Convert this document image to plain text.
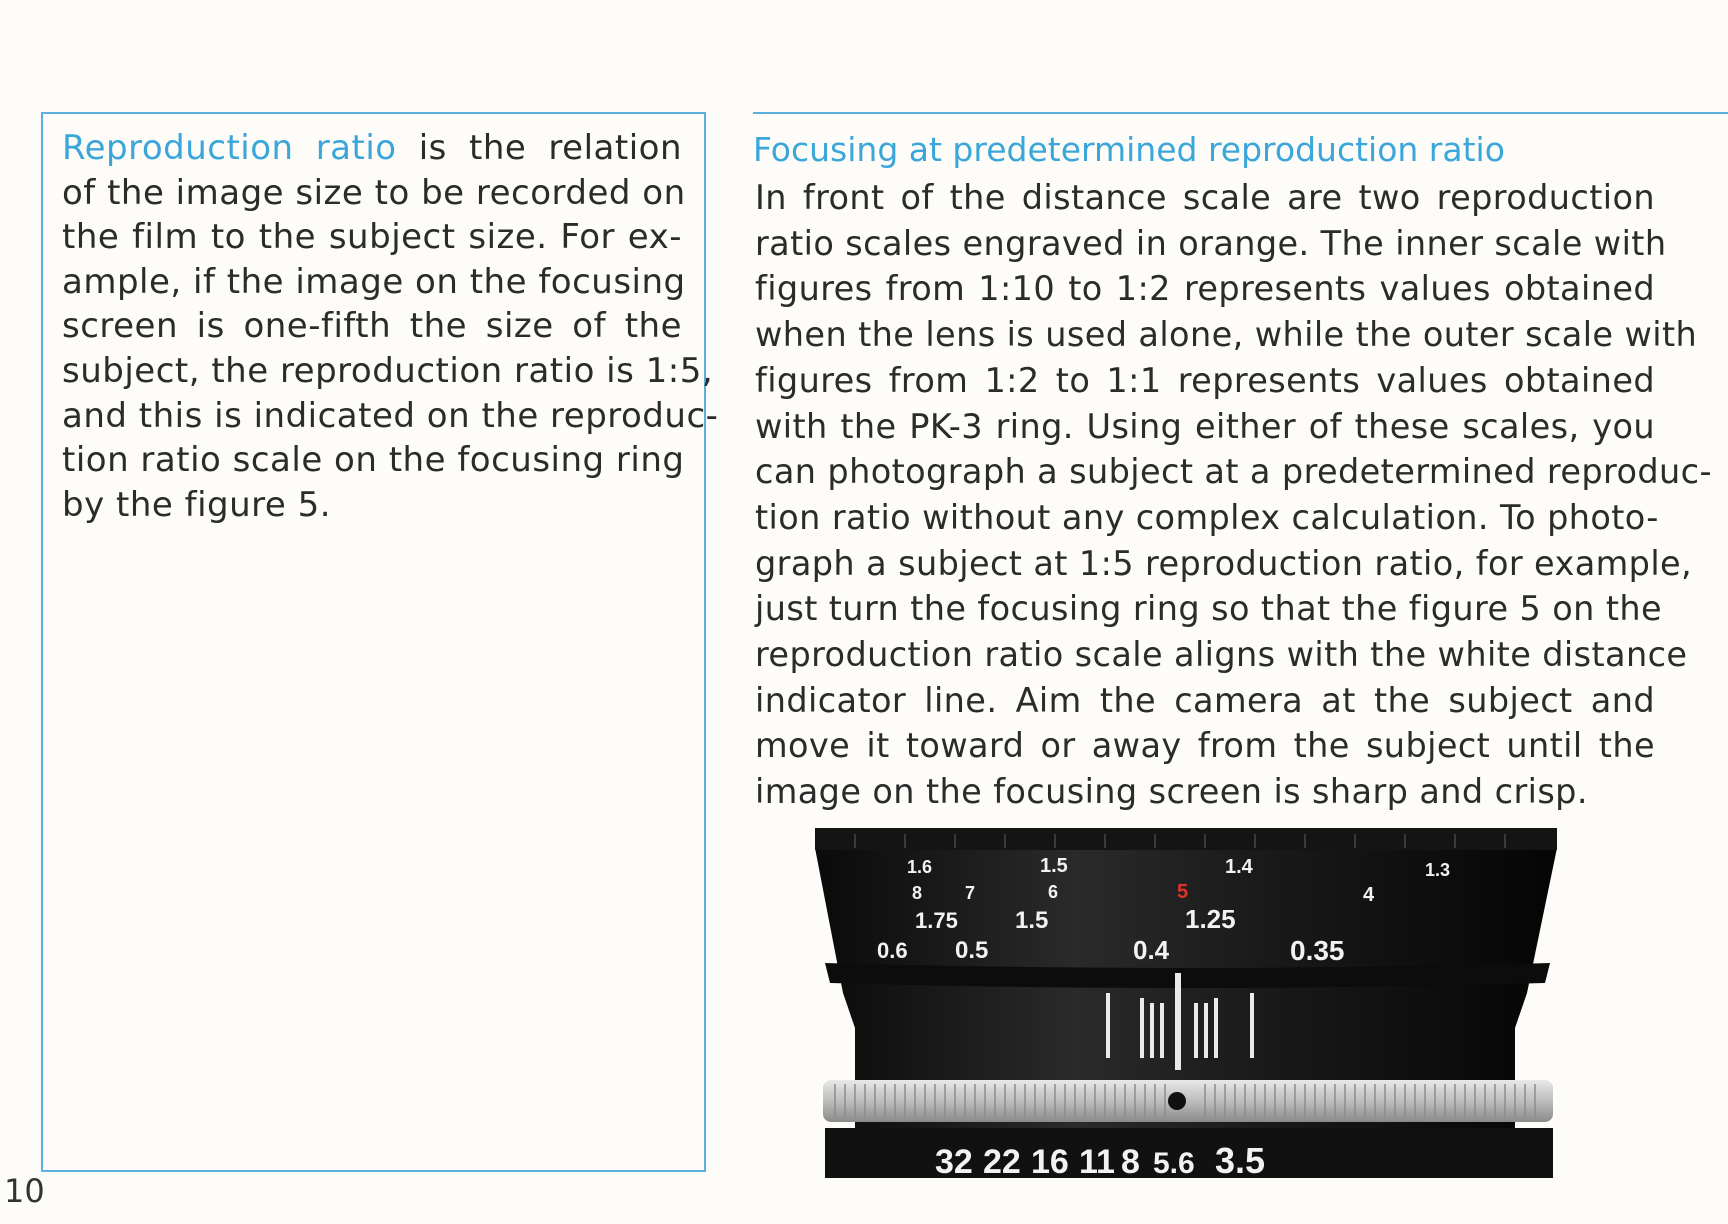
Reproduction ratio is the relation
of the image size to be recorded on
the film to the subject size. For ex-
ample, if the image on the focusing
screen is one-fifth the size of the
subject, the reproduction ratio is 1:5,
and this is indicated on the reproduc-
tion ratio scale on the focusing ring
by the figure 5.
Focusing at predetermined reproduction ratio
In front of the distance scale are two reproduction
ratio scales engraved in orange. The inner scale with
figures from 1:10 to 1:2 represents values obtained
when the lens is used alone, while the outer scale with
figures from 1:2 to 1:1 represents values obtained
with the PK-3 ring. Using either of these scales, you
can photograph a subject at a predetermined reproduc-
tion ratio without any complex calculation. To photo-
graph a subject at 1:5 reproduction ratio, for example,
just turn the focusing ring so that the figure 5 on the
reproduction ratio scale aligns with the white distance
indicator line. Aim the camera at the subject and
move it toward or away from the subject until the
image on the focusing screen is sharp and crisp.
1.6	1.5	1.4	1.3
8 7	6	5	4
1.75 1.5	1.25
0.6 0.5	0.4	0.35
32 22 16 11 8 5.6 3.5
10
